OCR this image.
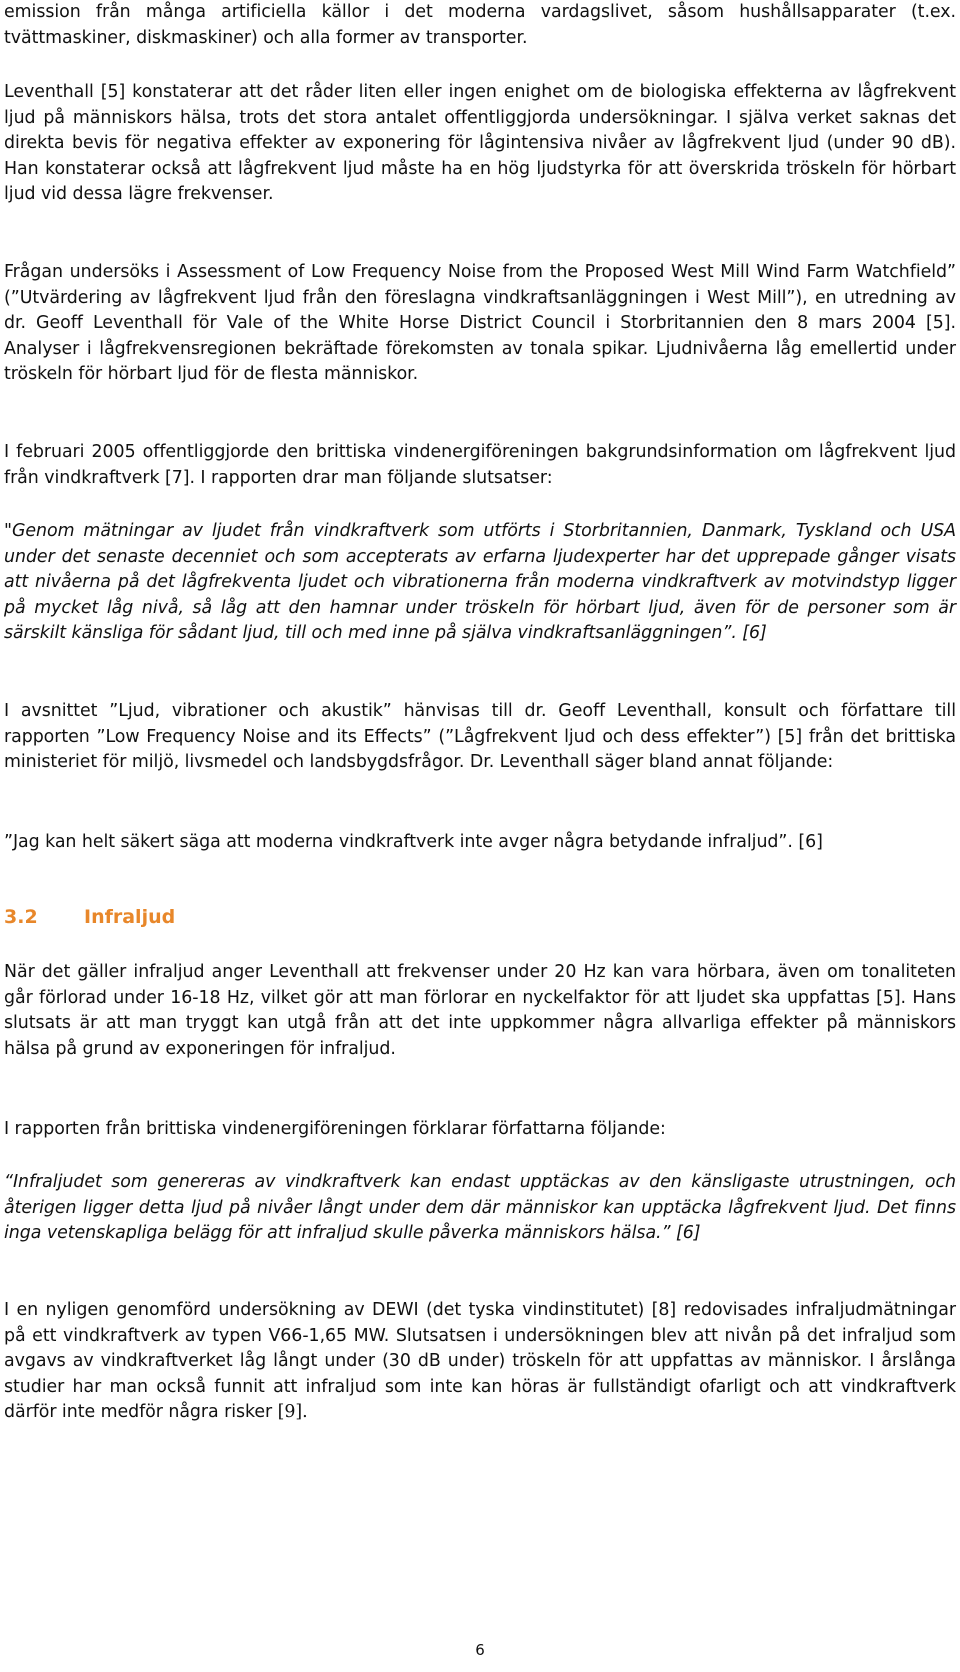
emission från många artificiella källor i det moderna vardagslivet, såsom hushållsapparater (t.ex. tvättmaskiner, diskmaskiner) och alla former av transporter.

Leventhall [5] konstaterar att det råder liten eller ingen enighet om de biologiska effekterna av lågfrekvent ljud på människors hälsa, trots det stora antalet offentliggjorda undersökningar. I själva verket saknas det direkta bevis för negativa effekter av exponering för lågintensiva nivåer av lågfrekvent ljud (under 90 dB). Han konstaterar också att lågfrekvent ljud måste ha en hög ljudstyrka för att överskrida tröskeln för hörbart ljud vid dessa lägre frekvenser.

Frågan undersöks i Assessment of Low Frequency Noise from the Proposed West Mill Wind Farm Watchfield” (”Utvärdering av lågfrekvent ljud från den föreslagna vindkraftsanläggningen i West Mill”), en utredning av dr. Geoff Leventhall för Vale of the White Horse District Council i Storbritannien den 8 mars 2004 [5]. Analyser i lågfrekvensregionen bekräftade förekomsten av tonala spikar. Ljudnivåerna låg emellertid under tröskeln för hörbart ljud för de flesta människor.

I februari 2005 offentliggjorde den brittiska vindenergiföreningen bakgrundsinformation om lågfrekvent ljud från vindkraftverk [7]. I rapporten drar man följande slutsatser:

"Genom mätningar av ljudet från vindkraftverk som utförts i Storbritannien, Danmark, Tyskland och USA under det senaste decenniet och som accepterats av erfarna ljudexperter har det upprepade gånger visats att nivåerna på det lågfrekventa ljudet och vibrationerna från moderna vindkraftverk av motvindstyp ligger på mycket låg nivå, så låg att den hamnar under tröskeln för hörbart ljud, även för de personer som är särskilt känsliga för sådant ljud, till och med inne på själva vindkraftsanläggningen”. [6]

I avsnittet ”Ljud, vibrationer och akustik” hänvisas till dr. Geoff Leventhall, konsult och författare till rapporten ”Low Frequency Noise and its Effects” (”Lågfrekvent ljud och dess effekter”) [5] från det brittiska ministeriet för miljö, livsmedel och landsbygdsfrågor. Dr. Leventhall säger bland annat följande:

”Jag kan helt säkert säga att moderna vindkraftverk inte avger några betydande infraljud”. [6]

3.2 Infraljud

När det gäller infraljud anger Leventhall att frekvenser under 20 Hz kan vara hörbara, även om tonaliteten går förlorad under 16-18 Hz, vilket gör att man förlorar en nyckelfaktor för att ljudet ska uppfattas [5]. Hans slutsats är att man tryggt kan utgå från att det inte uppkommer några allvarliga effekter på människors hälsa på grund av exponeringen för infraljud.

I rapporten från brittiska vindenergiföreningen förklarar författarna följande:

“Infraljudet som genereras av vindkraftverk kan endast upptäckas av den känsligaste utrustningen, och återigen ligger detta ljud på nivåer långt under dem där människor kan upptäcka lågfrekvent ljud. Det finns inga vetenskapliga belägg för att infraljud skulle påverka människors hälsa.” [6]

I en nyligen genomförd undersökning av DEWI (det tyska vindinstitutet) [8] redovisades infraljudmätningar på ett vindkraftverk av typen V66-1,65 MW. Slutsatsen i undersökningen blev att nivån på det infraljud som avgavs av vindkraftverket låg långt under (30 dB under) tröskeln för att uppfattas av människor. I årslånga studier har man också funnit att infraljud som inte kan höras är fullständigt ofarligt och att vindkraftverk därför inte medför några risker [9].

6
